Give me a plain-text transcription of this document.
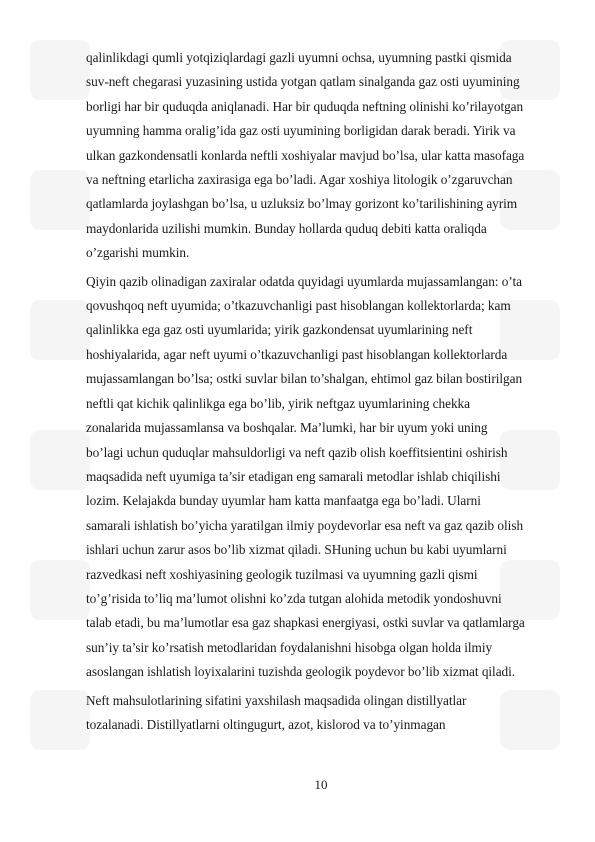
qalinlikdagi qumli yotqiziqlardagi gazli uyumni ochsa, uyumning pastki qismida
suv-neft chegarasi yuzasining ustida yotgan qatlam sinalganda gaz osti uyumining
borligi har bir quduqda aniqlanadi. Har bir quduqda neftning olinishi ko’rilayotgan
uyumning hamma oralig’ida gaz osti uyumining borligidan darak beradi. Yirik va
ulkan gazkondensatli konlarda neftli xoshiyalar mavjud bo’lsa, ular katta masofaga
va neftning etarlicha zaxirasiga ega bo’ladi. Agar xoshiya litologik o’zgaruvchan
qatlamlarda joylashgan bo’lsa, u uzluksiz bo’lmay gorizont ko’tarilishining ayrim
maydonlarida uzilishi mumkin. Bunday hollarda quduq debiti katta oraliqda
o’zgarishi mumkin.
Qiyin qazib olinadigan zaxiralar odatda quyidagi uyumlarda mujassamlangan: o’ta
qovushqoq neft uyumida; o’tkazuvchanligi past hisoblangan kollektorlarda; kam
qalinlikka ega gaz osti uyumlarida; yirik gazkondensat uyumlarining neft
hoshiyalarida, agar neft uyumi o’tkazuvchanligi past hisoblangan kollektorlarda
mujassamlangan bo’lsa; ostki suvlar bilan to’shalgan, ehtimol gaz bilan bostirilgan
neftli qat kichik qalinlikga ega bo’lib, yirik neftgaz uyumlarining chekka
zonalarida mujassamlansa va boshqalar. Ma’lumki, har bir uyum yoki uning
bo’lagi uchun quduqlar mahsuldorligi va neft qazib olish koeffitsientini oshirish
maqsadida neft uyumiga ta’sir etadigan eng samarali metodlar ishlab chiqilishi
lozim. Kelajakda bunday uyumlar ham katta manfaatga ega bo’ladi. Ularni
samarali ishlatish bo’yicha yaratilgan ilmiy poydevorlar esa neft va gaz qazib olish
ishlari uchun zarur asos bo’lib xizmat qiladi. SHuning uchun bu kabi uyumlarni
razvedkasi neft xoshiyasining geologik tuzilmasi va uyumning gazli qismi
to’g’risida to’liq ma’lumot olishni ko’zda tutgan alohida metodik yondoshuvni
talab etadi, bu ma’lumotlar esa gaz shapkasi energiyasi, ostki suvlar va qatlamlarga
sun’iy ta’sir ko’rsatish metodlaridan foydalanishni hisobga olgan holda ilmiy
asoslangan ishlatish loyixalarini tuzishda geologik poydevor bo’lib xizmat qiladi.
Neft mahsulotlarining sifatini yaxshilash maqsadida olingan distillyatlar
tozalanadi. Distillyatlarni oltingugurt, azot, kislorod va to’yinmagan
10
